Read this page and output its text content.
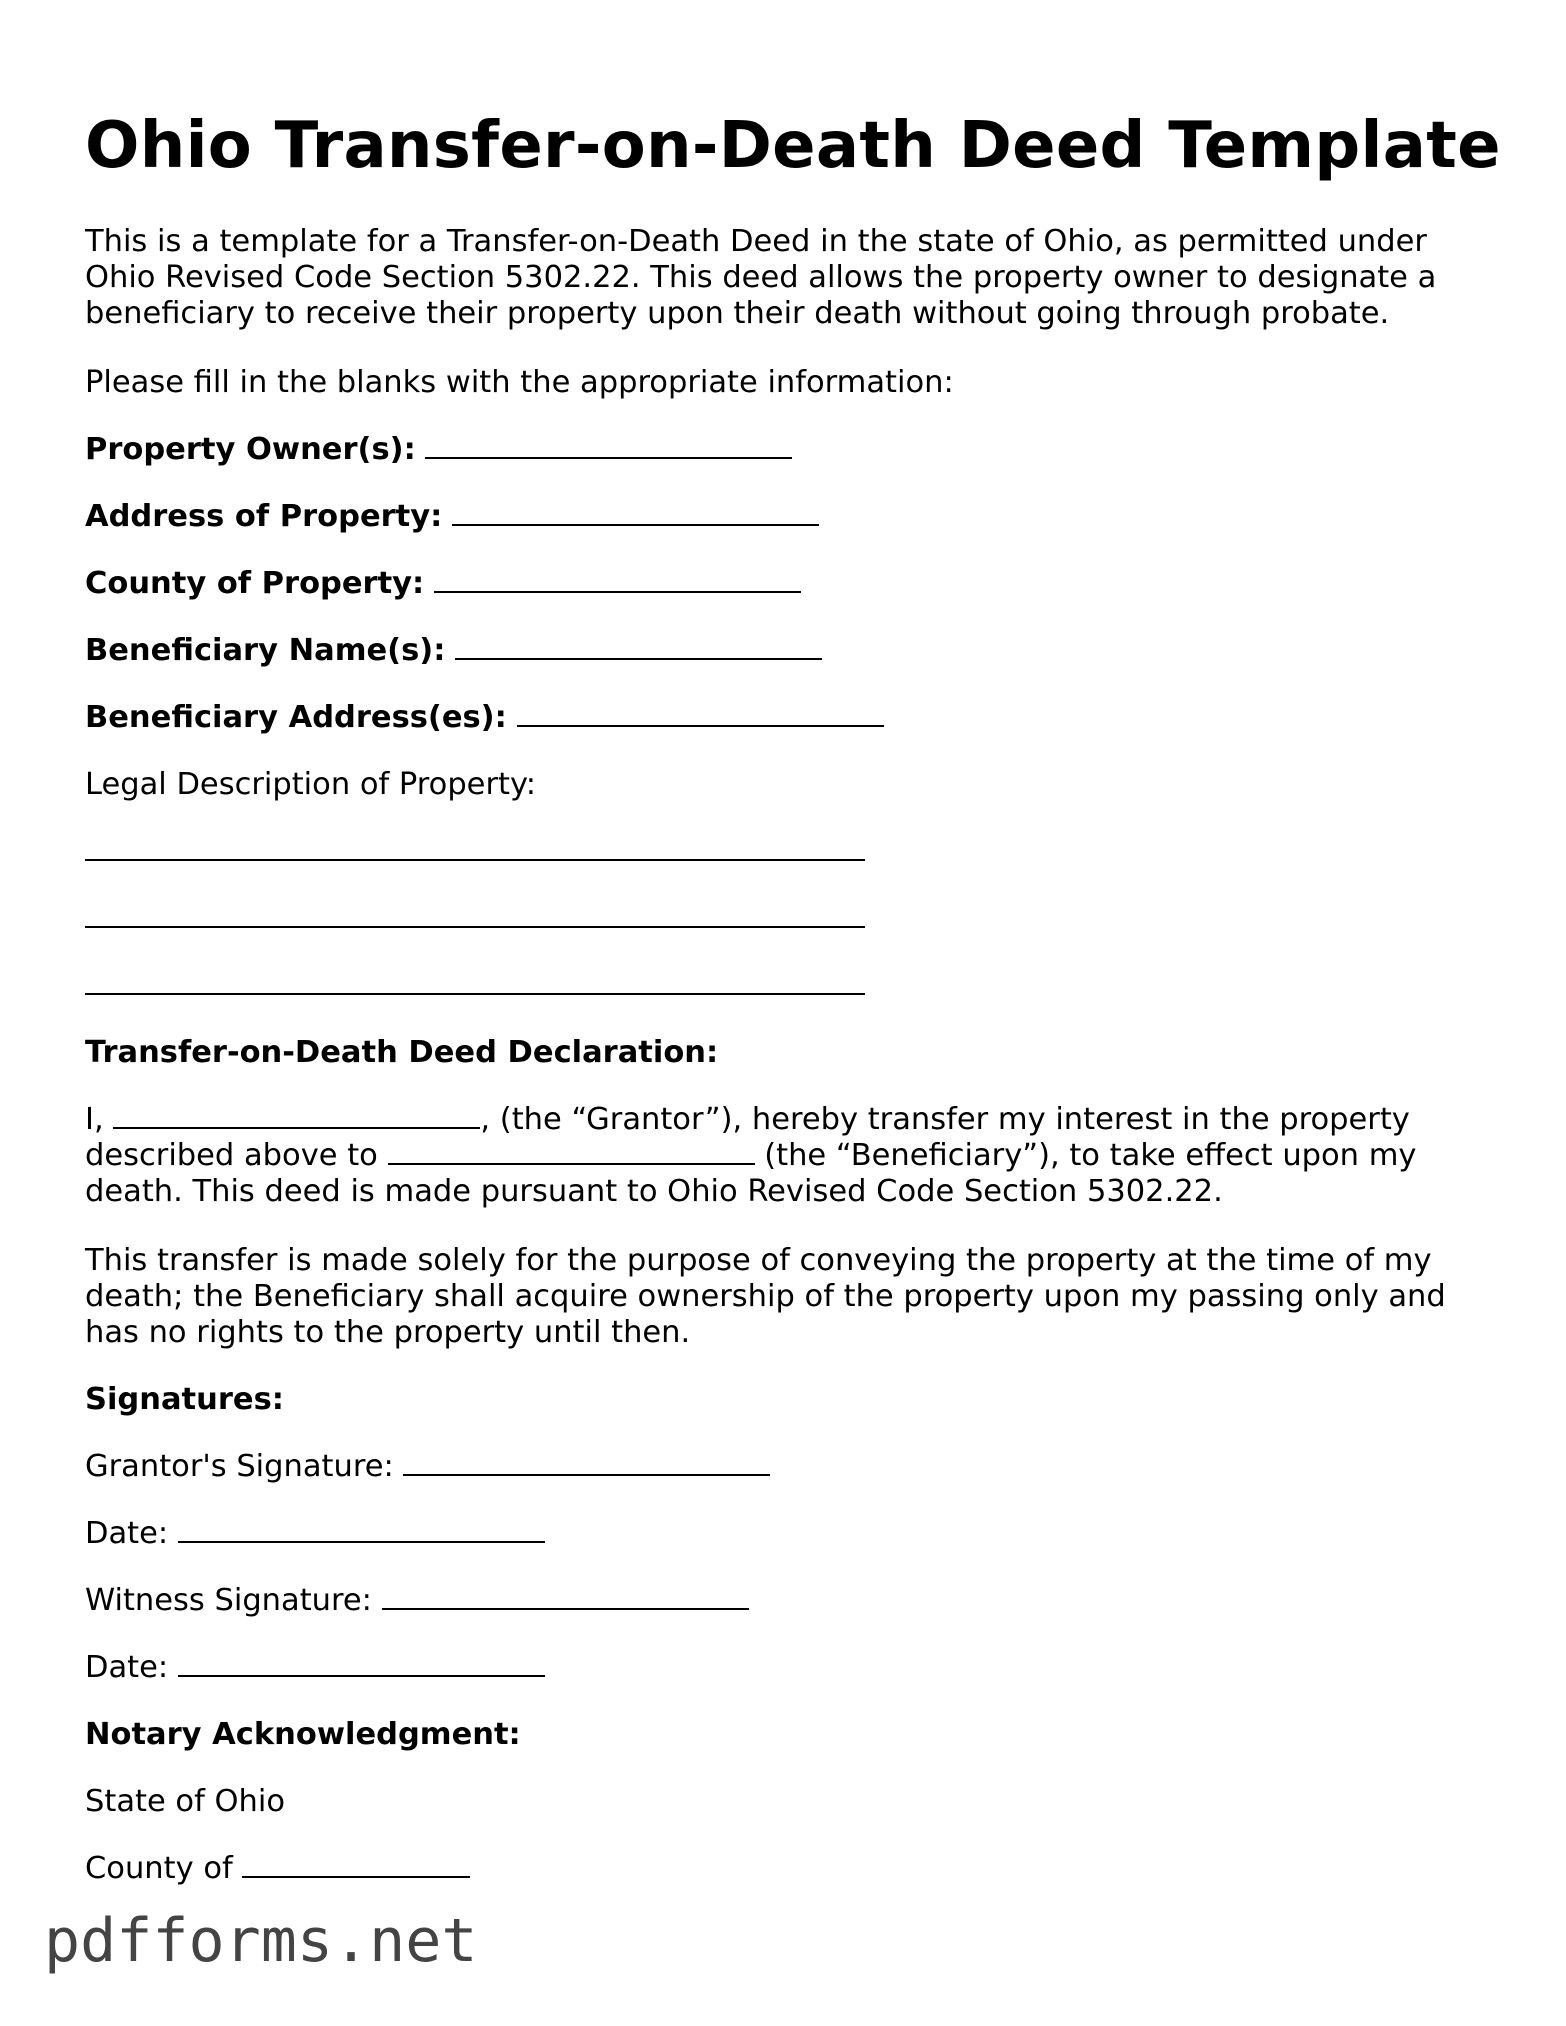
Ohio Transfer-on-Death Deed Template

This is a template for a Transfer-on-Death Deed in the state of Ohio, as permitted under

Ohio Revised Code Section 5302.22. This deed allows the property owner to designate a

beneficiary to receive their property upon their death without going through probate.

Please fill in the blanks with the appropriate information:

Property Owner(s):

Address of Property:

County of Property:

Beneficiary Name(s):

Beneficiary Address(es):

Legal Description of Property:

Transfer-on-Death Deed Declaration:

I,	, (the “Grantor”), hereby transfer my interest in the property

described above to	(the “Beneficiary”), to take effect upon my

death. This deed is made pursuant to Ohio Revised Code Section 5302.22.

This transfer is made solely for the purpose of conveying the property at the time of my

death; the Beneficiary shall acquire ownership of the property upon my passing only and

has no rights to the property until then.

Signatures:

Grantor's Signature:

Date:

Witness Signature:

Date:

Notary Acknowledgment:

State of Ohio

County of

pdfforms.net
